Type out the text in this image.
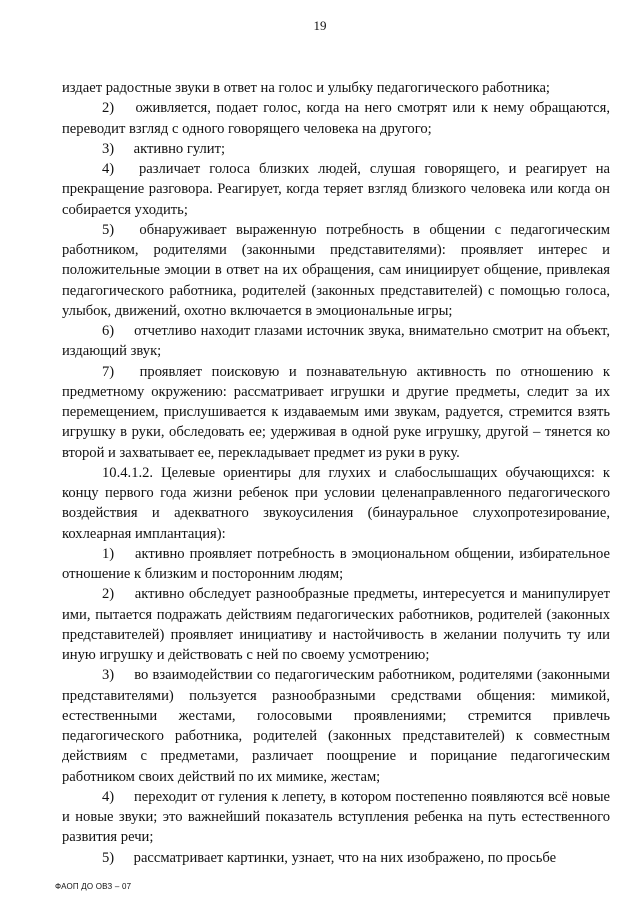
19

издает радостные звуки в ответ на голос и улыбку педагогического работника;

2) оживляется, подает голос, когда на него смотрят или к нему обращаются, переводит взгляд с одного говорящего человека на другого;

3) активно гулит;

4) различает голоса близких людей, слушая говорящего, и реагирует на прекращение разговора. Реагирует, когда теряет взгляд близкого человека или когда он собирается уходить;

5) обнаруживает выраженную потребность в общении с педагогическим работником, родителями (законными представителями): проявляет интерес и положительные эмоции в ответ на их обращения, сам инициирует общение, привлекая педагогического работника, родителей (законных представителей) с помощью голоса, улыбок, движений, охотно включается в эмоциональные игры;

6) отчетливо находит глазами источник звука, внимательно смотрит на объект, издающий звук;

7) проявляет поисковую и познавательную активность по отношению к предметному окружению: рассматривает игрушки и другие предметы, следит за их перемещением, прислушивается к издаваемым ими звукам, радуется, стремится взять игрушку в руки, обследовать ее; удерживая в одной руке игрушку, другой – тянется ко второй и захватывает ее, перекладывает предмет из руки в руку.

10.4.1.2. Целевые ориентиры для глухих и слабослышащих обучающихся: к концу первого года жизни ребенок при условии целенаправленного педагогического воздействия и адекватного звукоусиления (бинауральное слухопротезирование, кохлеарная имплантация):

1) активно проявляет потребность в эмоциональном общении, избирательное отношение к близким и посторонним людям;

2) активно обследует разнообразные предметы, интересуется и манипулирует ими, пытается подражать действиям педагогических работников, родителей (законных представителей) проявляет инициативу и настойчивость в желании получить ту или иную игрушку и действовать с ней по своему усмотрению;

3) во взаимодействии со педагогическим работником, родителями (законными представителями) пользуется разнообразными средствами общения: мимикой, естественными жестами, голосовыми проявлениями; стремится привлечь педагогического работника, родителей (законных представителей) к совместным действиям с предметами, различает поощрение и порицание педагогическим работником своих действий по их мимике, жестам;

4) переходит от гуления к лепету, в котором постепенно появляются всё новые и новые звуки; это важнейший показатель вступления ребенка на путь естественного развития речи;

5) рассматривает картинки, узнает, что на них изображено, по просьбе

ФАОП ДО ОВЗ – 07
